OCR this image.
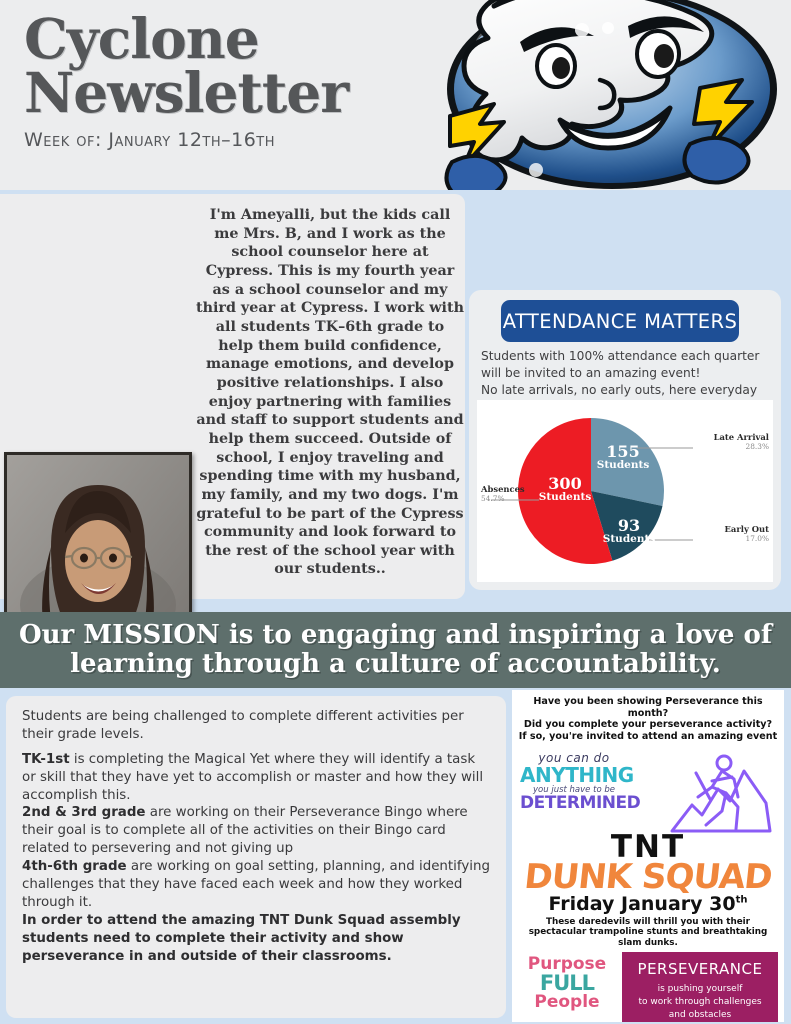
Cyclone
Newsletter
Week of: January 12th–16th
I'm Ameyalli, but the kids call me Mrs. B, and I work as the school counselor here at Cypress. This is my fourth year as a school counselor and my third year at Cypress. I work with all students TK–6th grade to help them build confidence, manage emotions, and develop positive relationships. I also enjoy partnering with families and staff to support students and help them succeed. Outside of school, I enjoy traveling and spending time with my husband, my family, and my two dogs. I'm grateful to be part of the Cypress community and look forward to the rest of the school year with our students..
ATTENDANCE MATTERS
Students with 100% attendance each quarter will be invited to an amazing event!
No late arrivals, no early outs, here everyday
Late Arrival
28.3%
Early Out
17.0%
Absences
54.7%
155
Students
93
Students
300
Students
Our MISSION is to engaging and inspiring a love of learning through a culture of accountability.

Students are being challenged to complete different activities per their grade levels.

TK-1st is completing the Magical Yet where they will identify a task or skill that they have yet to accomplish or master and how they will accomplish this.

2nd & 3rd grade are working on their Perseverance Bingo where their goal is to complete all of the activities on their Bingo card related to persevering and not giving up

4th-6th grade are working on goal setting, planning, and identifying challenges that they have faced each week and how they worked through it.

In order to attend the amazing TNT Dunk Squad assembly students need to complete their activity and show perseverance in and outside of their classrooms.

Have you been showing Perseverance this month?
Did you complete your perseverance activity?
If so, you're invited to attend an amazing event
you can do
ANYTHING
you just have to be
DETERMINED
TNT
DUNK SQUAD
Friday January 30th
These daredevils will thrill you with their spectacular trampoline stunts and breathtaking slam dunks.
Purpose
FULL
People
PERSEVERANCE
is pushing yourself
to work through challenges
and obstacles
